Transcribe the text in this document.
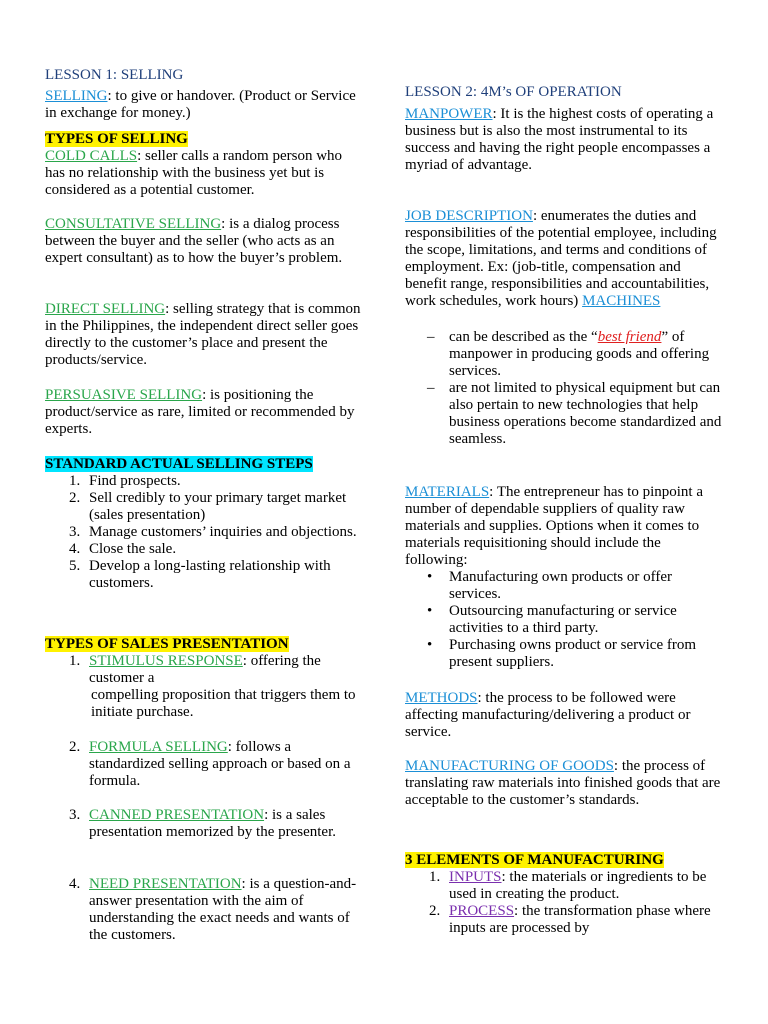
LESSON 1: SELLING
SELLING: to give or handover. (Product or Service in exchange for money.)
TYPES OF SELLING
COLD CALLS: seller calls a random person who has no relationship with the business yet but is considered as a potential customer.
CONSULTATIVE SELLING: is a dialog process between the buyer and the seller (who acts as an expert consultant) as to how the buyer’s problem.
DIRECT SELLING: selling strategy that is common in the Philippines, the independent direct seller goes directly to the customer’s place and present the products/service.
PERSUASIVE SELLING: is positioning the product/service as rare, limited or recommended by experts.
STANDARD ACTUAL SELLING STEPS
1. Find prospects.
2. Sell credibly to your primary target market (sales presentation)
3. Manage customers’ inquiries and objections.
4. Close the sale.
5. Develop a long-lasting relationship with customers.
TYPES OF SALES PRESENTATION
1. STIMULUS RESPONSE: offering the customer a
compelling proposition that triggers them to initiate purchase.
2. FORMULA SELLING: follows a standardized selling approach or based on a formula.
3. CANNED PRESENTATION: is a sales presentation memorized by the presenter.
4. NEED PRESENTATION: is a question-and-answer presentation with the aim of understanding the exact needs and wants of the customers.
LESSON 2: 4M’s OF OPERATION
MANPOWER: It is the highest costs of operating a business but is also the most instrumental to its success and having the right people encompasses a myriad of advantage.
JOB DESCRIPTION: enumerates the duties and responsibilities of the potential employee, including the scope, limitations, and terms and conditions of employment. Ex: (job-title, compensation and benefit range, responsibilities and accountabilities, work schedules, work hours) MACHINES
– can be described as the “best friend” of manpower in producing goods and offering services.
– are not limited to physical equipment but can also pertain to new technologies that help business operations become standardized and seamless.
MATERIALS: The entrepreneur has to pinpoint a number of dependable suppliers of quality raw materials and supplies. Options when it comes to materials requisitioning should include the following:
• Manufacturing own products or offer services.
• Outsourcing manufacturing or service activities to a third party.
• Purchasing owns product or service from present suppliers.
METHODS: the process to be followed were affecting manufacturing/delivering a product or service.
MANUFACTURING OF GOODS: the process of translating raw materials into finished goods that are acceptable to the customer’s standards.
3 ELEMENTS OF MANUFACTURING
1. INPUTS: the materials or ingredients to be used in creating the product.
2. PROCESS: the transformation phase where inputs are processed by
